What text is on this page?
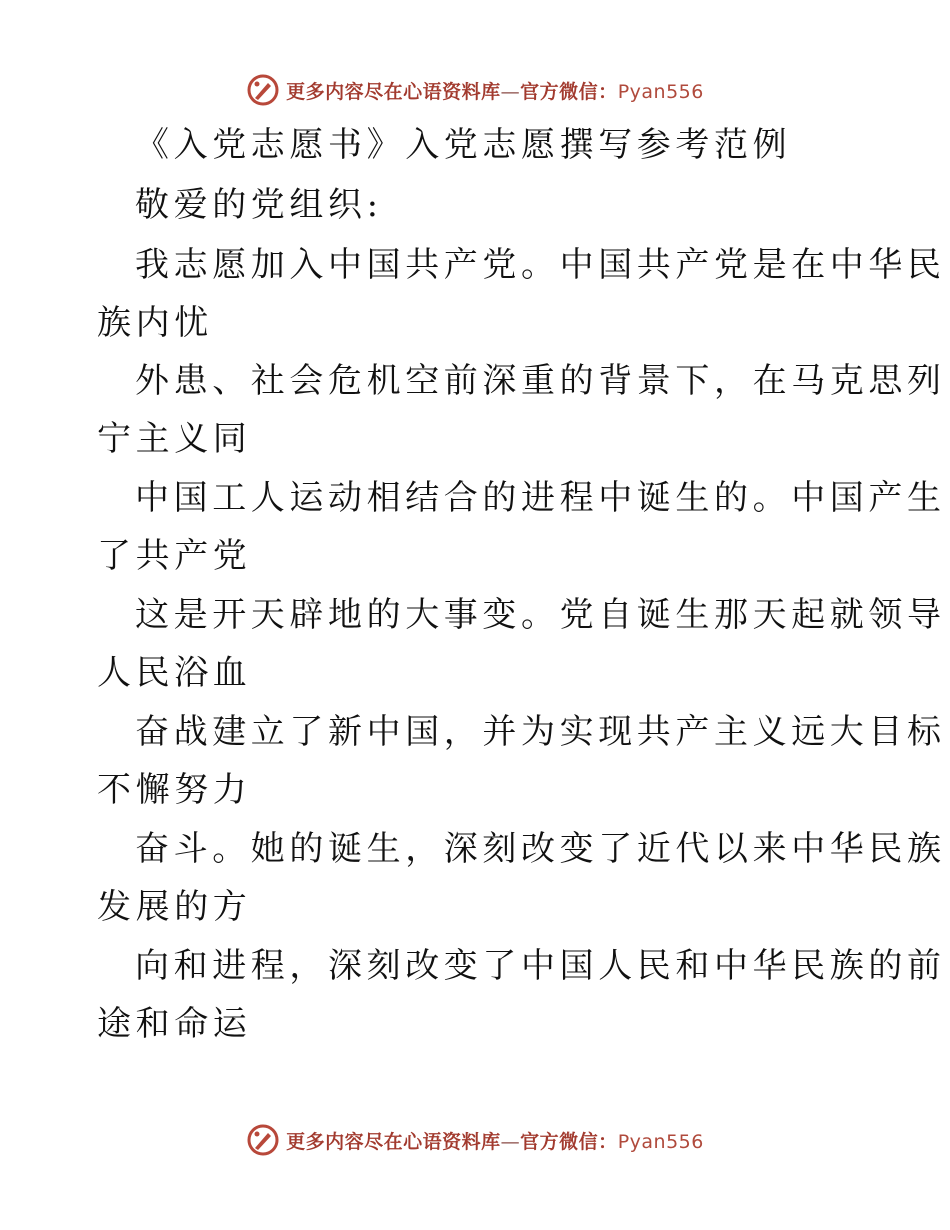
更多内容尽在心语资料库—官方微信：Pyan556
《入党志愿书》入党志愿撰写参考范例
敬爱的党组织:
我志愿加入中国共产党。中国共产党是在中华民
族内忧
外患、社会危机空前深重的背景下，在马克思列
宁主义同
中国工人运动相结合的进程中诞生的。中国产生
了共产党
这是开天辟地的大事变。党自诞生那天起就领导
人民浴血
奋战建立了新中国，并为实现共产主义远大目标
不懈努力
奋斗。她的诞生，深刻改变了近代以来中华民族
发展的方
向和进程，深刻改变了中国人民和中华民族的前
途和命运
更多内容尽在心语资料库—官方微信：Pyan556
